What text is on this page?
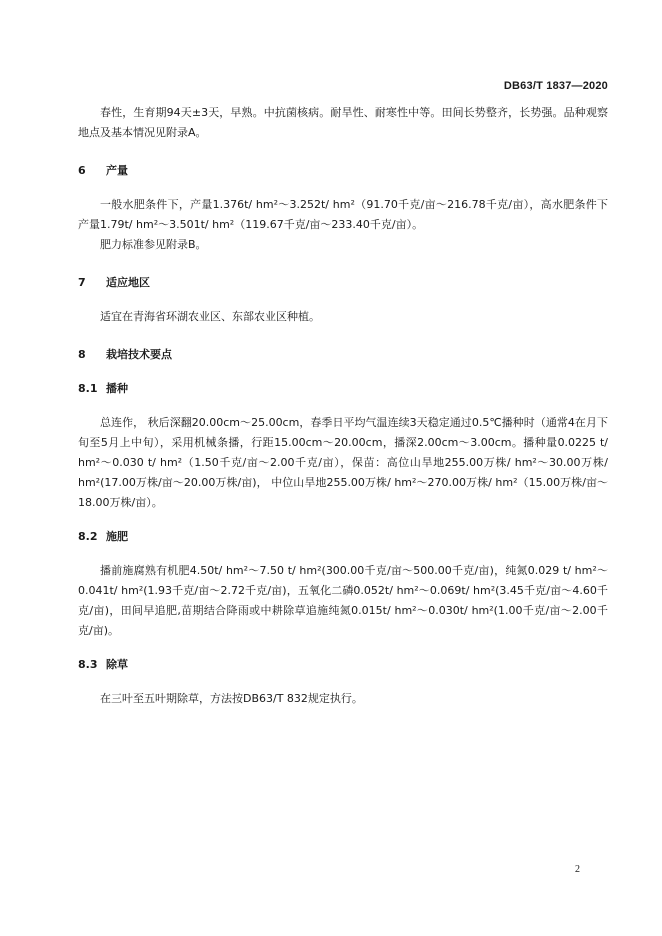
DB63/T 1837—2020

春性，生育期94天±3天，早熟。中抗菌核病。耐旱性、耐寒性中等。田间长势整齐，长势强。品种观察地点及基本情况见附录A。

6 产量

一般水肥条件下，产量1.376t/ hm²～3.252t/ hm²（91.70千克/亩～216.78千克/亩），高水肥条件下产量1.79t/ hm²～3.501t/ hm²（119.67千克/亩～233.40千克/亩）。

肥力标准参见附录B。

7 适应地区

适宜在青海省环湖农业区、东部农业区种植。

8 栽培技术要点
8.1 播种

总连作， 秋后深翻20.00cm～25.00cm，春季日平均气温连续3天稳定通过0.5℃播种时（通常4在月下旬至5月上中旬），采用机械条播，行距15.00cm～20.00cm，播深2.00cm～3.00cm。播种量0.0225 t/ hm²～0.030 t/ hm²（1.50千克/亩～2.00千克/亩），保苗：高位山旱地255.00万株/ hm²～30.00万株/ hm²(17.00万株/亩～20.00万株/亩)， 中位山旱地255.00万株/ hm²～270.00万株/ hm²（15.00万株/亩～18.00万株/亩）。

8.2 施肥

播前施腐熟有机肥4.50t/ hm²～7.50 t/ hm²(300.00千克/亩～500.00千克/亩)，纯氮0.029 t/ hm²～0.041t/ hm²(1.93千克/亩～2.72千克/亩)，五氧化二磷0.052t/ hm²～0.069t/ hm²(3.45千克/亩～4.60千克/亩)，田间早追肥,苗期结合降雨或中耕除草追施纯氮0.015t/ hm²～0.030t/ hm²(1.00千克/亩～2.00千克/亩)。

8.3 除草

在三叶至五叶期除草，方法按DB63/T 832规定执行。

2
